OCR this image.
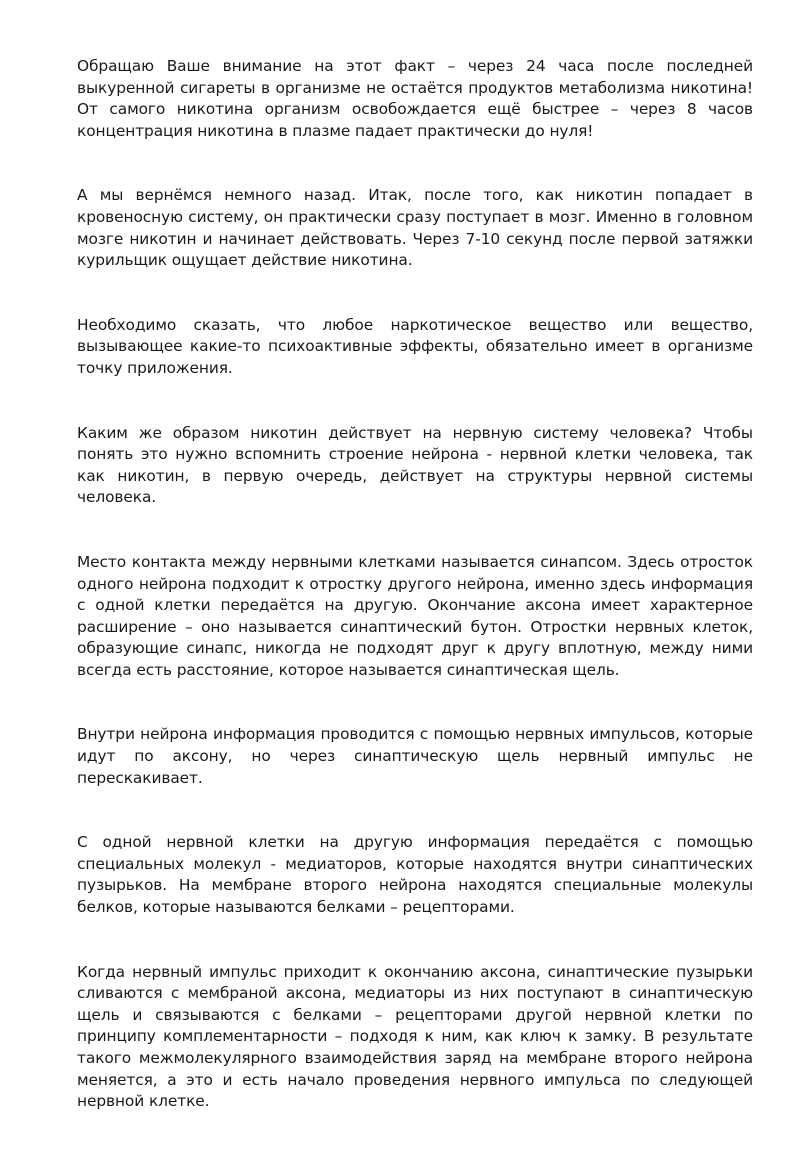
Обращаю Ваше внимание на этот факт – через 24 часа после последней выкуренной сигареты в организме не остаётся продуктов метаболизма никотина! От самого никотина организм освобождается ещё быстрее – через 8 часов концентрация никотина в плазме падает практически до нуля!

А мы вернёмся немного назад. Итак, после того, как никотин попадает в кровеносную систему, он практически сразу поступает в мозг. Именно в головном мозге никотин и начинает действовать. Через 7-10 секунд после первой затяжки курильщик ощущает действие никотина.

Необходимо сказать, что любое наркотическое вещество или вещество, вызывающее какие-то психоактивные эффекты, обязательно имеет в организме точку приложения.

Каким же образом никотин действует на нервную систему человека? Чтобы понять это нужно вспомнить строение нейрона - нервной клетки человека, так как никотин, в первую очередь, действует на структуры нервной системы человека.

Место контакта между нервными клетками называется синапсом. Здесь отросток одного нейрона подходит к отростку другого нейрона, именно здесь информация с одной клетки передаётся на другую. Окончание аксона имеет характерное расширение – оно называется синаптический бутон. Отростки нервных клеток, образующие синапс, никогда не подходят друг к другу вплотную, между ними всегда есть расстояние, которое называется синаптическая щель.

Внутри нейрона информация проводится с помощью нервных импульсов, которые идут по аксону, но через синаптическую щель нервный импульс не перескакивает.

С одной нервной клетки на другую информация передаётся с помощью специальных молекул - медиаторов, которые находятся внутри синаптических пузырьков. На мембране второго нейрона находятся специальные молекулы белков, которые называются белками – рецепторами.

Когда нервный импульс приходит к окончанию аксона, синаптические пузырьки сливаются с мембраной аксона, медиаторы из них поступают в синаптическую щель и связываются с белками – рецепторами другой нервной клетки по принципу комплементарности – подходя к ним, как ключ к замку. В результате такого межмолекулярного взаимодействия заряд на мембране второго нейрона меняется, а это и есть начало проведения нервного импульса по следующей нервной клетке.
